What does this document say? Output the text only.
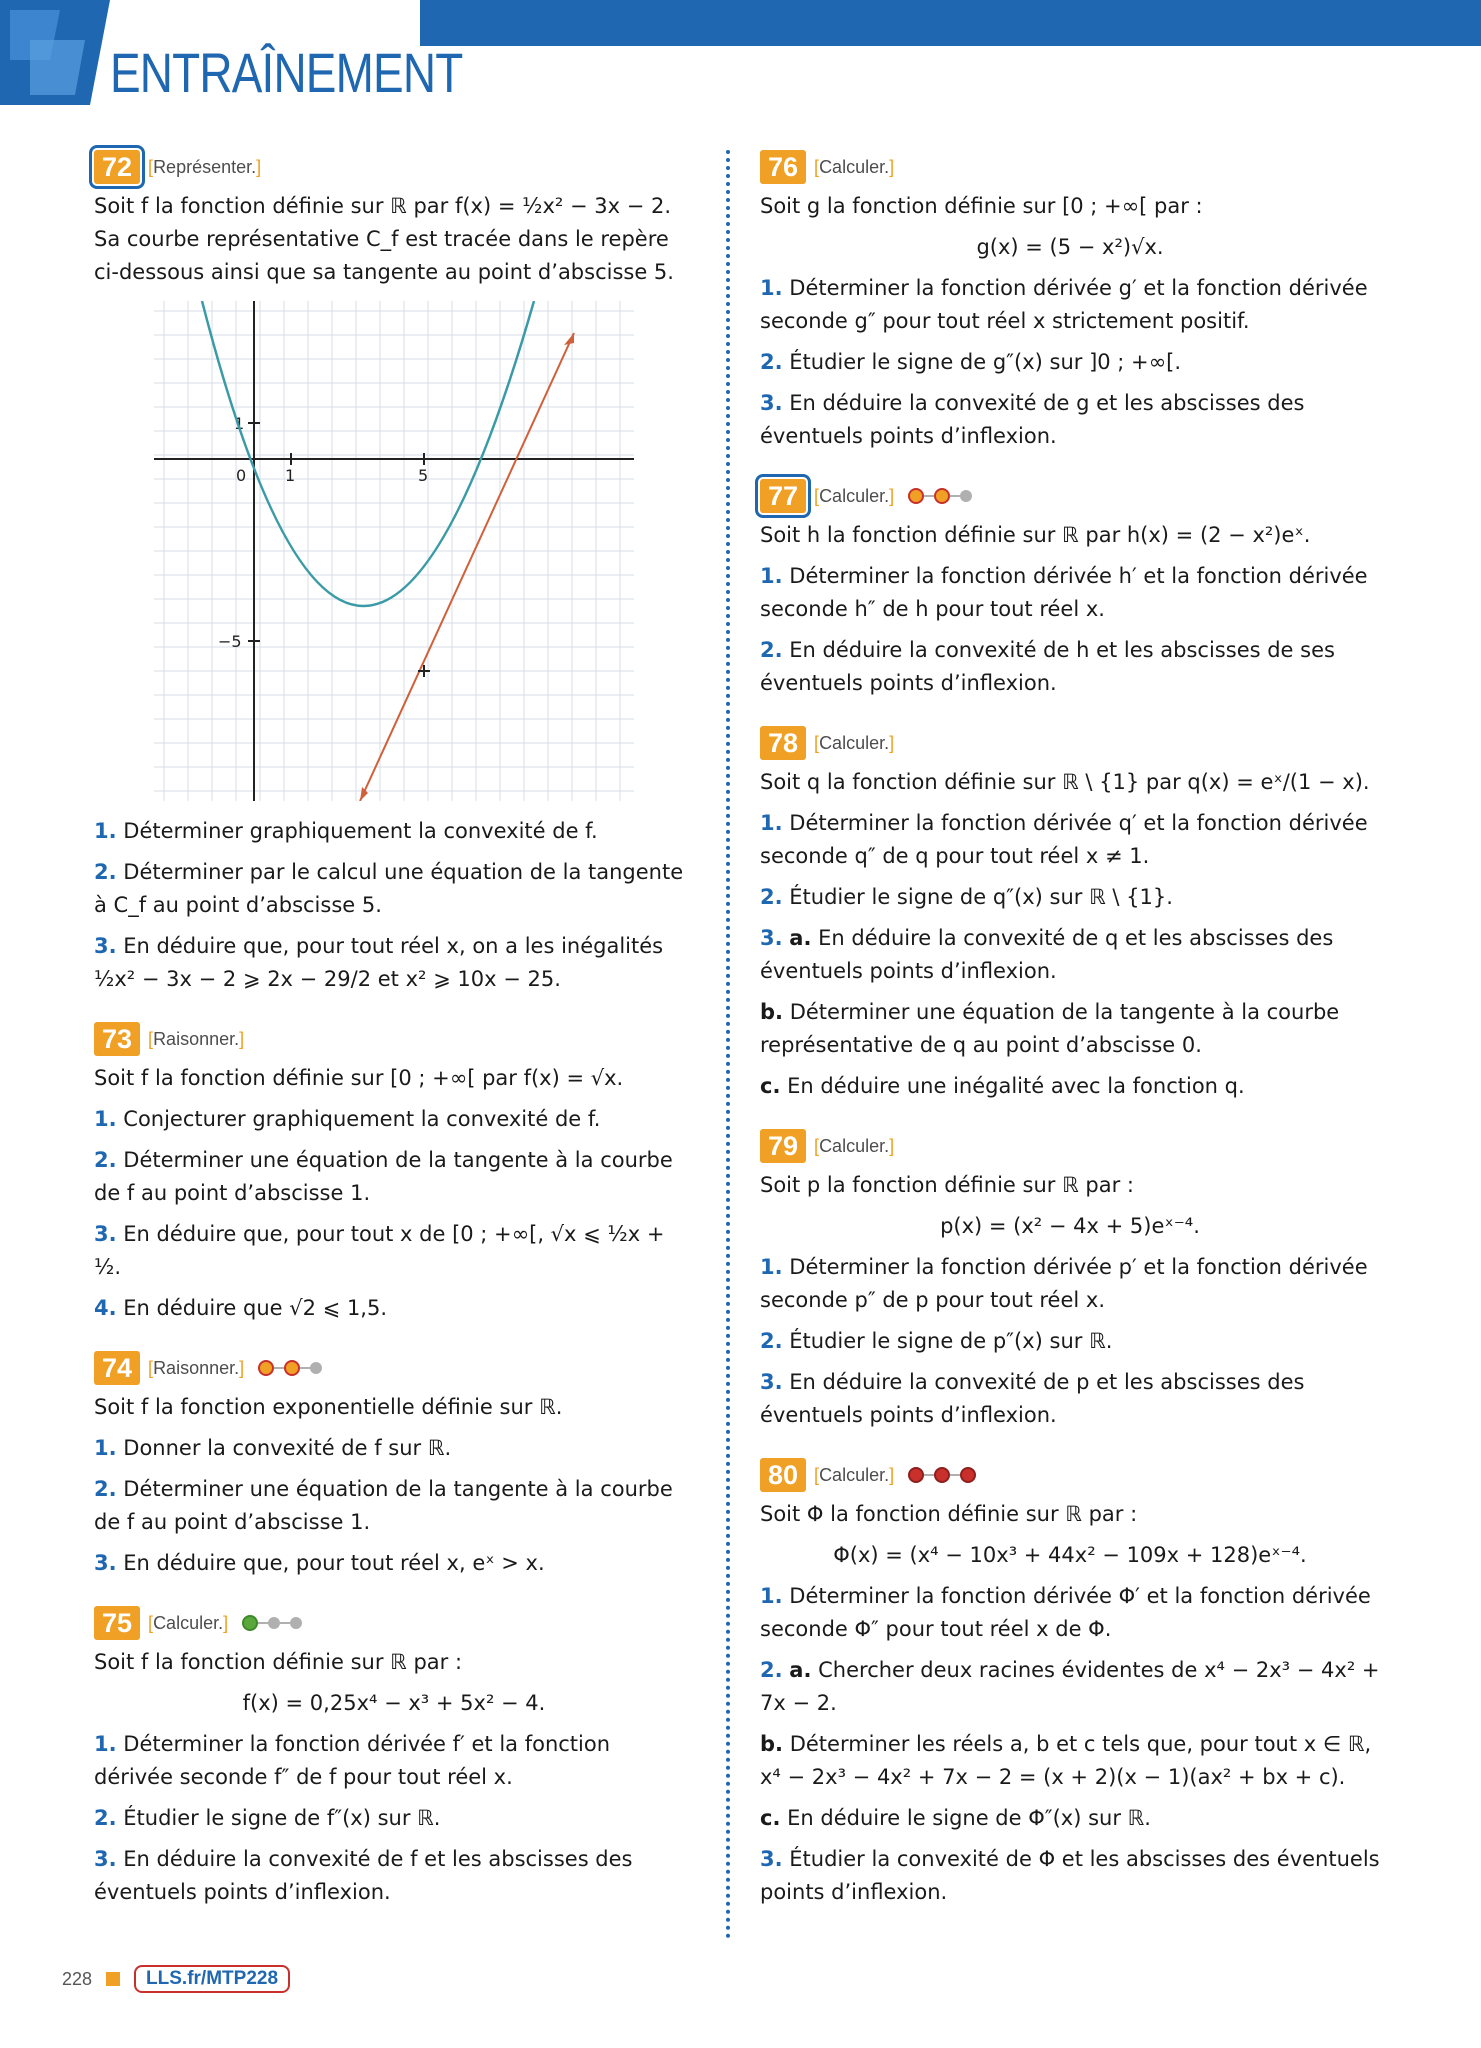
ENTRAÎNEMENT
72 [Représenter.]

Soit f la fonction définie sur ℝ par f(x) = ½x² − 3x − 2. Sa courbe représentative C_f est tracée dans le repère ci-dessous ainsi que sa tangente au point d’abscisse 5.

1
0 1	5
−5

1. Déterminer graphiquement la convexité de f.

2. Déterminer par le calcul une équation de la tangente à C_f au point d’abscisse 5.

3. En déduire que, pour tout réel x, on a les inégalités
½x² − 3x − 2 ⩾ 2x − 29/2 et x² ⩾ 10x − 25.

73 [Raisonner.]

Soit f la fonction définie sur [0 ; +∞[ par f(x) = √x.

1. Conjecturer graphiquement la convexité de f.

2. Déterminer une équation de la tangente à la courbe de f au point d’abscisse 1.

3. En déduire que, pour tout x de [0 ; +∞[, √x ⩽ ½x + ½.

4. En déduire que √2 ⩽ 1,5.

74 [Raisonner.]

Soit f la fonction exponentielle définie sur ℝ.

1. Donner la convexité de f sur ℝ.

2. Déterminer une équation de la tangente à la courbe de f au point d’abscisse 1.

3. En déduire que, pour tout réel x, eˣ > x.

75 [Calculer.]

Soit f la fonction définie sur ℝ par :

f(x) = 0,25x⁴ − x³ + 5x² − 4.

1. Déterminer la fonction dérivée f′ et la fonction dérivée seconde f″ de f pour tout réel x.

2. Étudier le signe de f″(x) sur ℝ.

3. En déduire la convexité de f et les abscisses des éventuels points d’inflexion.

76 [Calculer.]

Soit g la fonction définie sur [0 ; +∞[ par :

g(x) = (5 − x²)√x.

1. Déterminer la fonction dérivée g′ et la fonction dérivée seconde g″ pour tout réel x strictement positif.

2. Étudier le signe de g″(x) sur ]0 ; +∞[.

3. En déduire la convexité de g et les abscisses des éventuels points d’inflexion.

77 [Calculer.]

Soit h la fonction définie sur ℝ par h(x) = (2 − x²)eˣ.

1. Déterminer la fonction dérivée h′ et la fonction dérivée seconde h″ de h pour tout réel x.

2. En déduire la convexité de h et les abscisses de ses éventuels points d’inflexion.

78 [Calculer.]

Soit q la fonction définie sur ℝ \ {1} par q(x) = eˣ/(1 − x).

1. Déterminer la fonction dérivée q′ et la fonction dérivée seconde q″ de q pour tout réel x ≠ 1.

2. Étudier le signe de q″(x) sur ℝ \ {1}.

3. a. En déduire la convexité de q et les abscisses des éventuels points d’inflexion.

b. Déterminer une équation de la tangente à la courbe représentative de q au point d’abscisse 0.

c. En déduire une inégalité avec la fonction q.

79 [Calculer.]

Soit p la fonction définie sur ℝ par :

p(x) = (x² − 4x + 5)eˣ⁻⁴.

1. Déterminer la fonction dérivée p′ et la fonction dérivée seconde p″ de p pour tout réel x.

2. Étudier le signe de p″(x) sur ℝ.

3. En déduire la convexité de p et les abscisses des éventuels points d’inflexion.

80 [Calculer.]

Soit Φ la fonction définie sur ℝ par :

Φ(x) = (x⁴ − 10x³ + 44x² − 109x + 128)eˣ⁻⁴.

1. Déterminer la fonction dérivée Φ′ et la fonction dérivée seconde Φ″ pour tout réel x de Φ.

2. a. Chercher deux racines évidentes de x⁴ − 2x³ − 4x² + 7x − 2.

b. Déterminer les réels a, b et c tels que, pour tout x ∈ ℝ, x⁴ − 2x³ − 4x² + 7x − 2 = (x + 2)(x − 1)(ax² + bx + c).

c. En déduire le signe de Φ″(x) sur ℝ.

3. Étudier la convexité de Φ et les abscisses des éventuels points d’inflexion.

228	LLS.fr/MTP228
